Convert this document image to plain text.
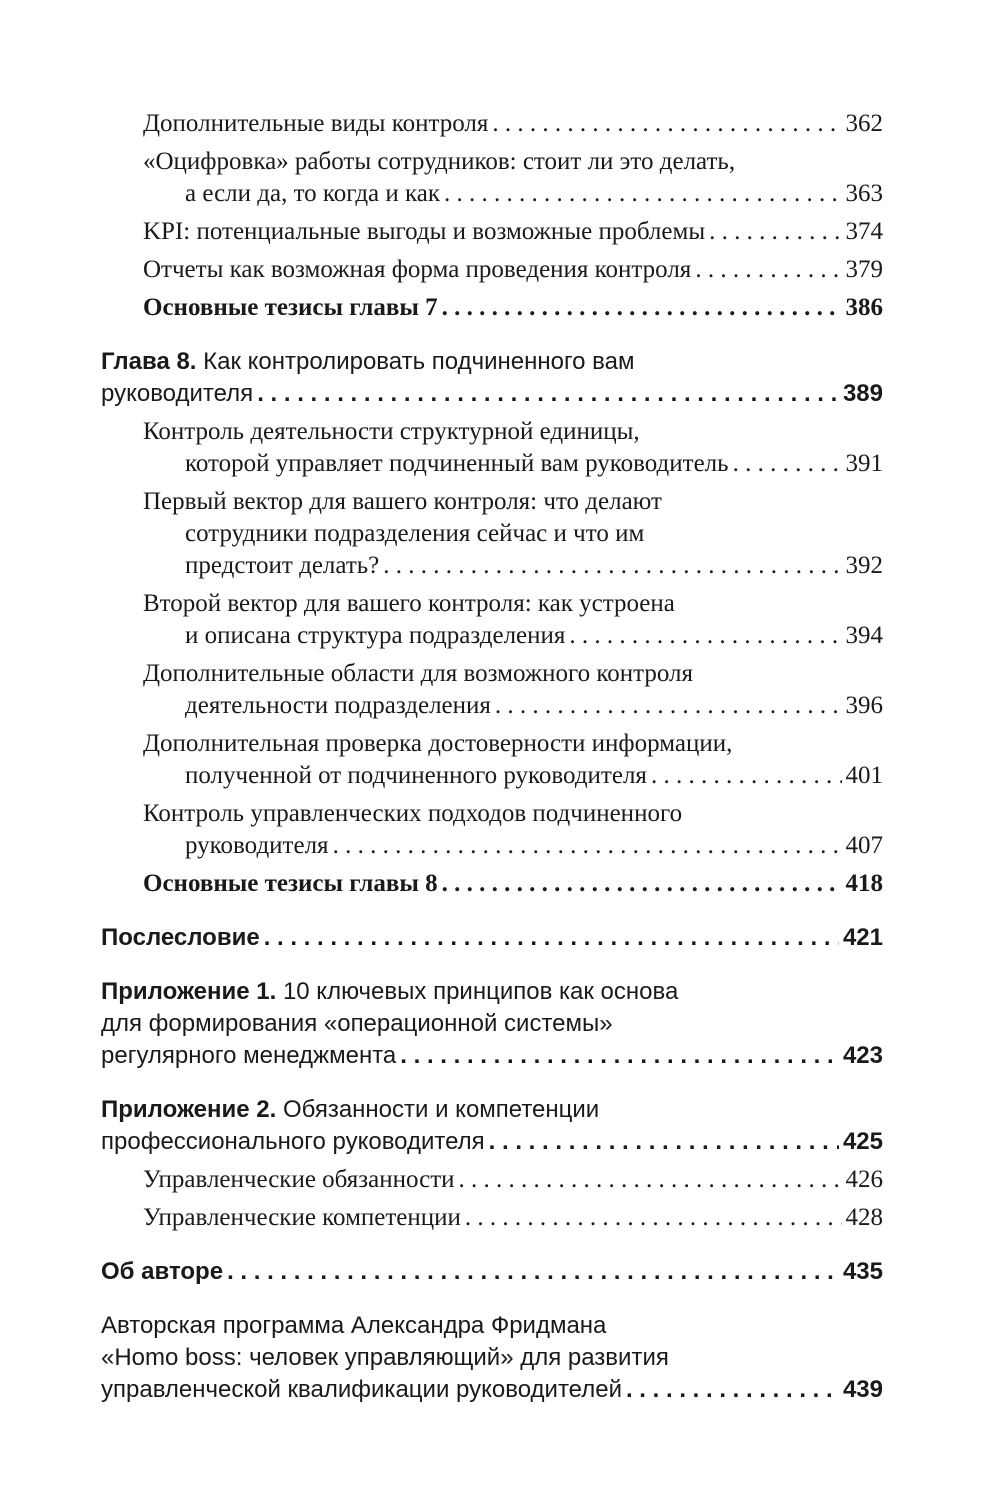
Дополнительные виды контроля . . .	362
«Оцифровка» работы сотрудников: стоит ли это делать,
а если да, то когда и как . . .	363
KPI: потенциальные выгоды и возможные проблемы . . .	374
Отчеты как возможная форма проведения контроля . . .	379
Основные тезисы главы 7 . . .	386
Глава 8. Как контролировать подчиненного вам
руководителя . . .	389
Контроль деятельности структурной единицы,
которой управляет подчиненный вам руководитель . . .	391
Первый вектор для вашего контроля: что делают
сотрудники подразделения сейчас и что им
предстоит делать? . . .	392
Второй вектор для вашего контроля: как устроена
и описана структура подразделения . . .	394
Дополнительные области для возможного контроля
деятельности подразделения . . .	396
Дополнительная проверка достоверности информации,
полученной от подчиненного руководителя . . .	401
Контроль управленческих подходов подчиненного
руководителя . . .	407
Основные тезисы главы 8 . . .	418
Послесловие . . .	421
Приложение 1. 10 ключевых принципов как основа
для формирования «операционной системы»
регулярного менеджмента . . .	423
Приложение 2. Обязанности и компетенции
профессионального руководителя . . .	425
Управленческие обязанности . . .	426
Управленческие компетенции . . .	428
Об авторе . . .	435
Авторская программа Александра Фридмана
«Homo boss: человек управляющий» для развития
управленческой квалификации руководителей . . .	439
